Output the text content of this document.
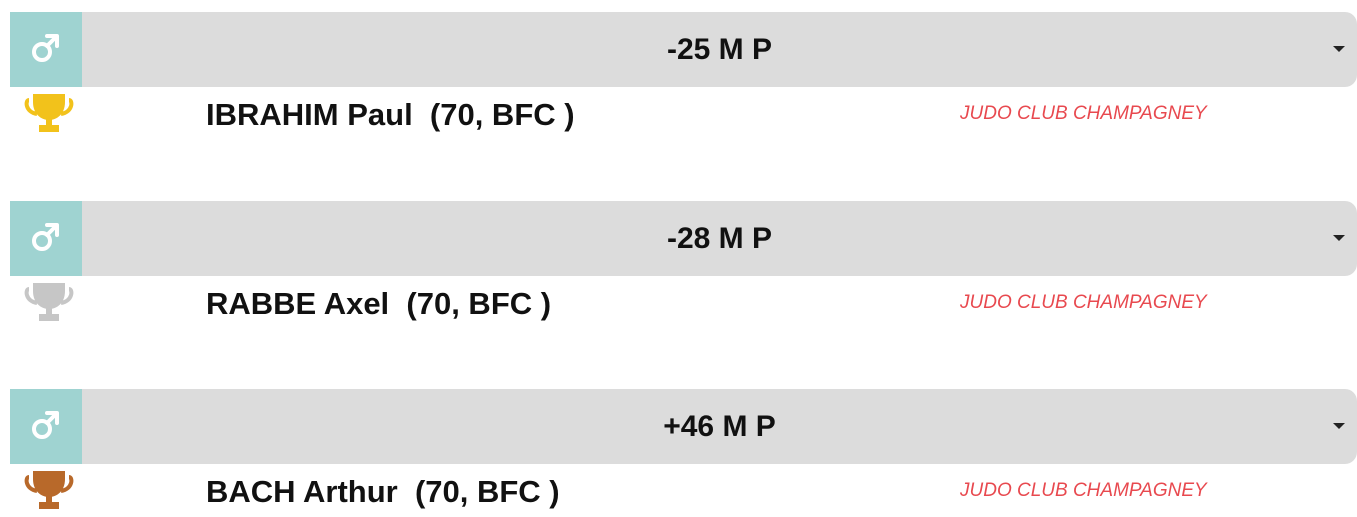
-25 M P
IBRAHIM Paul  (70, BFC )	JUDO CLUB CHAMPAGNEY
-28 M P
RABBE Axel  (70, BFC )	JUDO CLUB CHAMPAGNEY
+46 M P
BACH Arthur  (70, BFC )	JUDO CLUB CHAMPAGNEY
